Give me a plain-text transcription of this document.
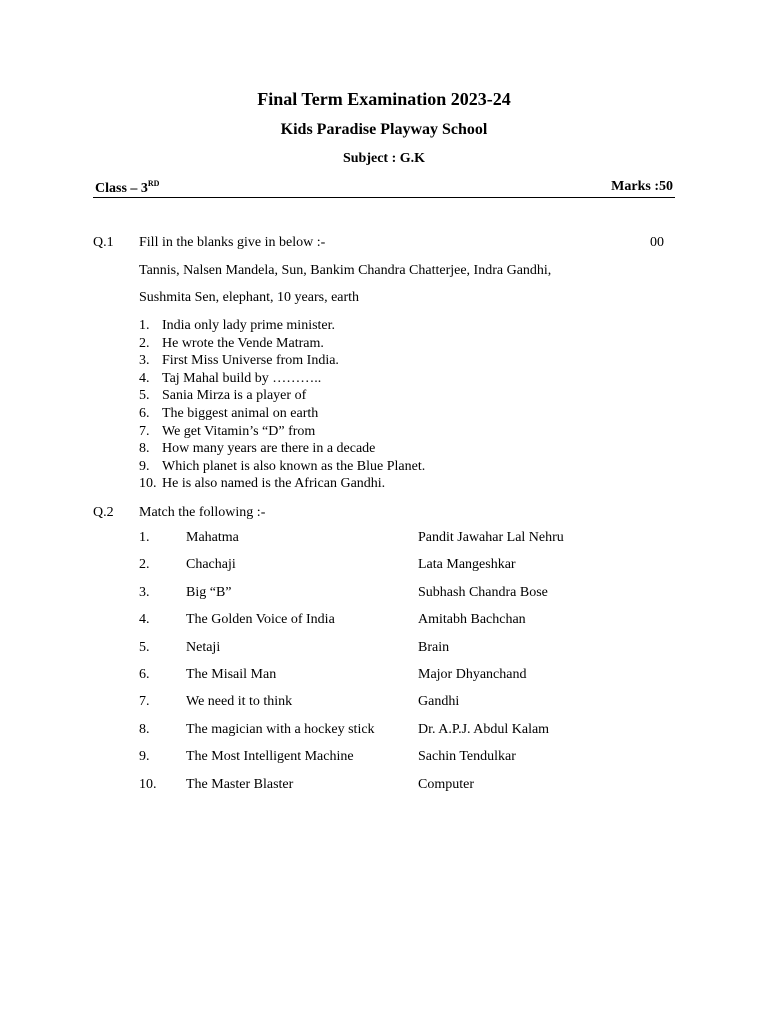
Final Term Examination 2023-24
Kids Paradise Playway School
Subject : G.K
Class – 3RD	Marks :50
Q.1 Fill in the blanks give in below :-	00
Tannis, Nalsen Mandela, Sun, Bankim Chandra Chatterjee, Indra Gandhi,
Sushmita Sen, elephant, 10 years, earth
1. India only lady prime minister.
2. He wrote the Vende Matram.
3. First Miss Universe from India.
4. Taj Mahal build by ………..
5. Sania Mirza is a player of
6. The biggest animal on earth
7. We get Vitamin’s “D” from
8. How many years are there in a decade
9. Which planet is also known as the Blue Planet.
10. He is also named is the African Gandhi.
Q.2 Match the following :-
1.	Mahatma	Pandit Jawahar Lal Nehru
2.	Chachaji	Lata Mangeshkar
3.	Big “B”	Subhash Chandra Bose
4.	The Golden Voice of India	Amitabh Bachchan
5.	Netaji	Brain
6.	The Misail Man	Major Dhyanchand
7.	We need it to think	Gandhi
8.	The magician with a hockey stick	Dr. A.P.J. Abdul Kalam
9.	The Most Intelligent Machine	Sachin Tendulkar
10. The Master Blaster	Computer
